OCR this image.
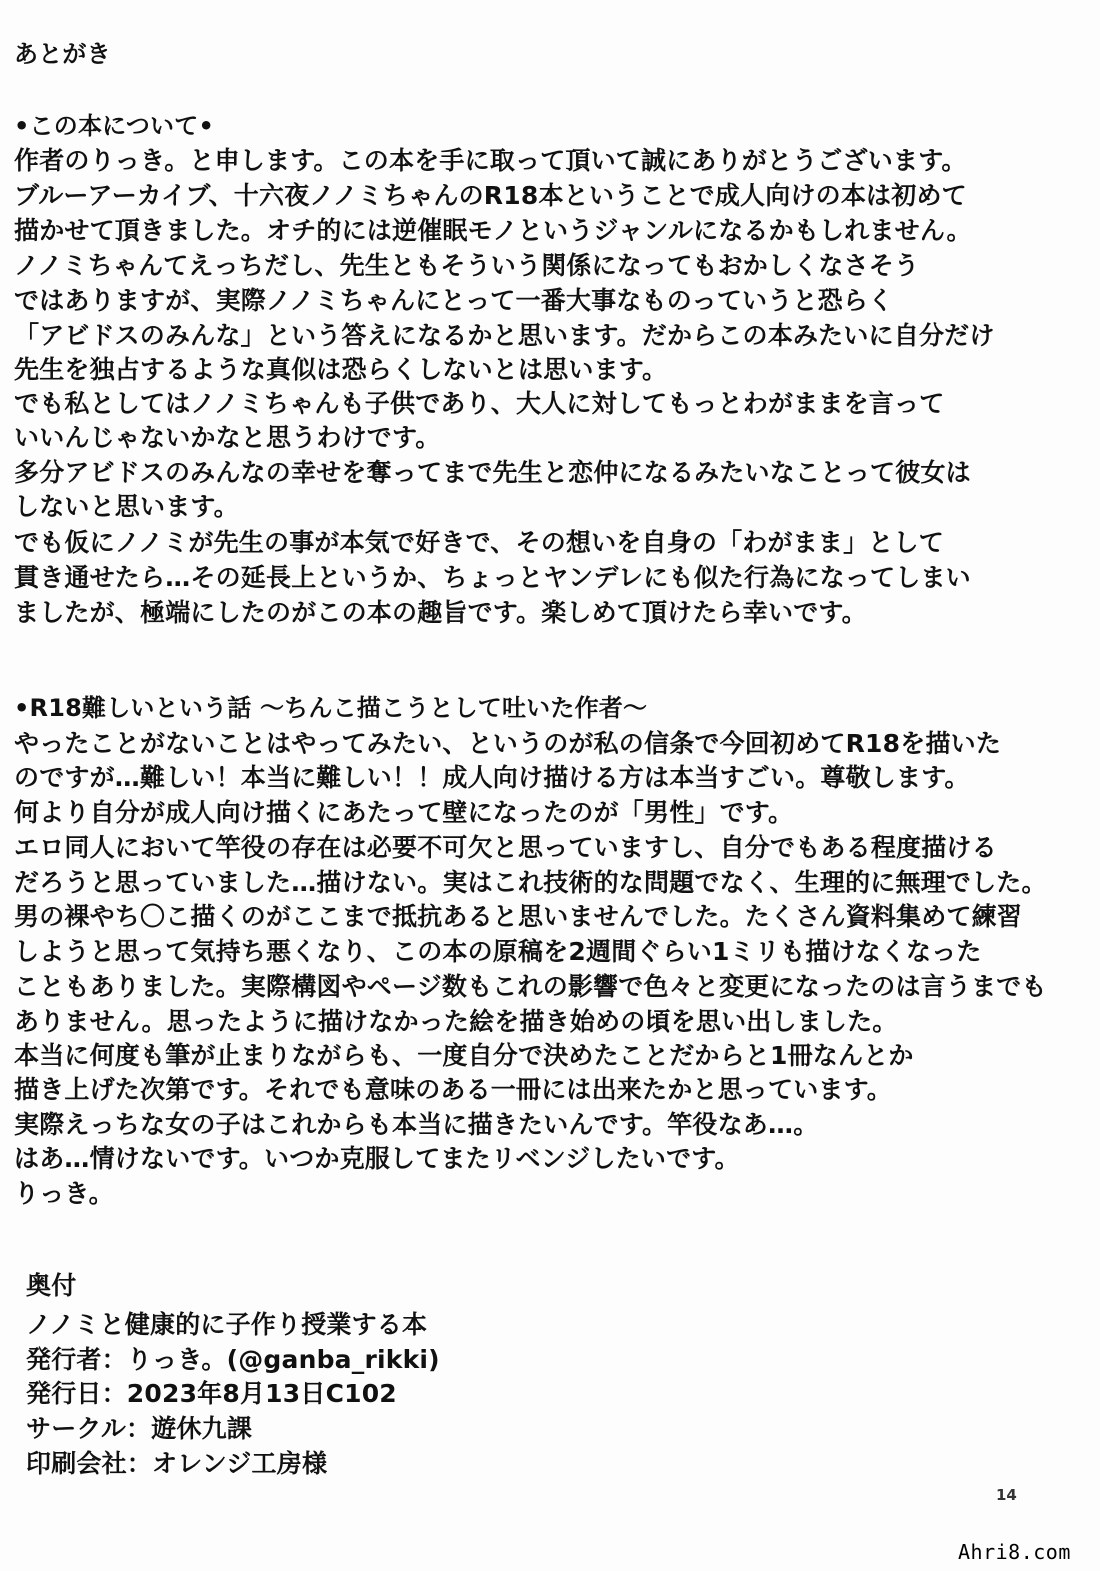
あとがき
•この本について•
作者のりっき。と申します。この本を手に取って頂いて誠にありがとうございます。
ブルーアーカイブ、十六夜ノノミちゃんのR18本ということで成人向けの本は初めて
描かせて頂きました。オチ的には逆催眠モノというジャンルになるかもしれません。
ノノミちゃんてえっちだし、先生ともそういう関係になってもおかしくなさそう
ではありますが、実際ノノミちゃんにとって一番大事なものっていうと恐らく
「アビドスのみんな」という答えになるかと思います。だからこの本みたいに自分だけ
先生を独占するような真似は恐らくしないとは思います。
でも私としてはノノミちゃんも子供であり、大人に対してもっとわがままを言って
いいんじゃないかなと思うわけです。
多分アビドスのみんなの幸せを奪ってまで先生と恋仲になるみたいなことって彼女は
しないと思います。
でも仮にノノミが先生の事が本気で好きで、その想いを自身の「わがまま」として
貫き通せたら…その延長上というか、ちょっとヤンデレにも似た行為になってしまい
ましたが、極端にしたのがこの本の趣旨です。楽しめて頂けたら幸いです。
•R18難しいという話 〜ちんこ描こうとして吐いた作者〜
やったことがないことはやってみたい、というのが私の信条で今回初めてR18を描いた
のですが…難しい！本当に難しい！！成人向け描ける方は本当すごい。尊敬します。
何より自分が成人向け描くにあたって壁になったのが「男性」です。
エロ同人において竿役の存在は必要不可欠と思っていますし、自分でもある程度描ける
だろうと思っていました…描けない。実はこれ技術的な問題でなく、生理的に無理でした。
男の裸やち〇こ描くのがここまで抵抗あると思いませんでした。たくさん資料集めて練習
しようと思って気持ち悪くなり、この本の原稿を2週間ぐらい1ミリも描けなくなった
こともありました。実際構図やページ数もこれの影響で色々と変更になったのは言うまでも
ありません。思ったように描けなかった絵を描き始めの頃を思い出しました。
本当に何度も筆が止まりながらも、一度自分で決めたことだからと1冊なんとか
描き上げた次第です。それでも意味のある一冊には出来たかと思っています。
実際えっちな女の子はこれからも本当に描きたいんです。竿役なあ…。
はあ…情けないです。いつか克服してまたリベンジしたいです。
りっき。
奥付
ノノミと健康的に子作り授業する本
発行者：りっき。(@ganba_rikki)
発行日：2023年8月13日C102
サークル：遊休九課
印刷会社：オレンジ工房様
14
Ahri8.com
